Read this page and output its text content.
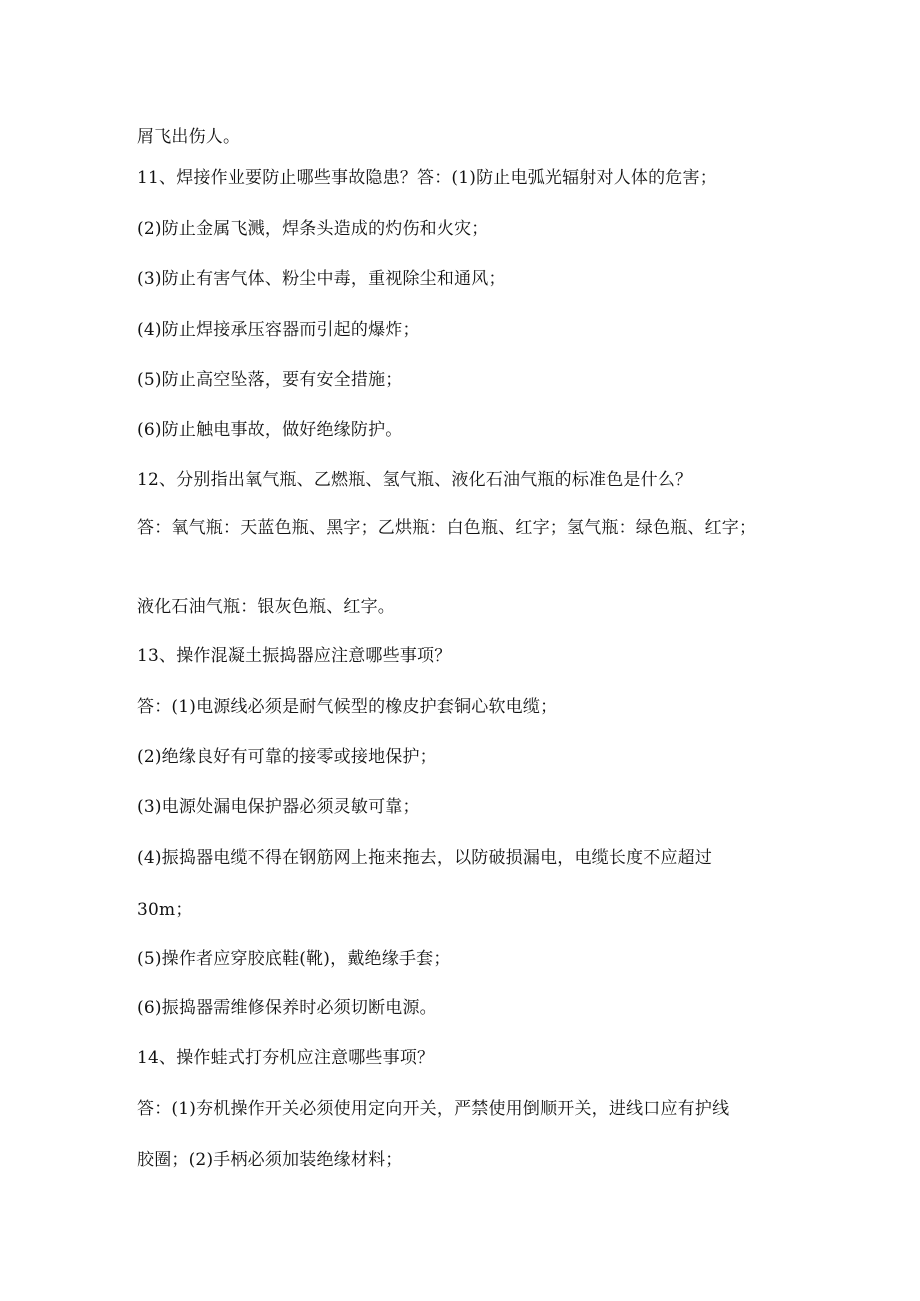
屑飞出伤人。
11、焊接作业要防止哪些事故隐患？答：(1)防止电弧光辐射对人体的危害；
(2)防止金属飞溅，焊条头造成的灼伤和火灾；
(3)防止有害气体、粉尘中毒，重视除尘和通风；
(4)防止焊接承压容器而引起的爆炸；
(5)防止高空坠落，要有安全措施；
(6)防止触电事故，做好绝缘防护。
12、分别指出氧气瓶、乙燃瓶、氢气瓶、液化石油气瓶的标准色是什么？
答：氧气瓶：天蓝色瓶、黑字；乙烘瓶：白色瓶、红字；氢气瓶：绿色瓶、红字；
液化石油气瓶：银灰色瓶、红字。
13、操作混凝土振捣器应注意哪些事项？
答：(1)电源线必须是耐气候型的橡皮护套铜心软电缆；
(2)绝缘良好有可靠的接零或接地保护；
(3)电源处漏电保护器必须灵敏可靠；
(4)振捣器电缆不得在钢筋网上拖来拖去，以防破损漏电，电缆长度不应超过
30m；
(5)操作者应穿胶底鞋(靴)，戴绝缘手套；
(6)振捣器需维修保养时必须切断电源。
14、操作蛙式打夯机应注意哪些事项？
答：(1)夯机操作开关必须使用定向开关，严禁使用倒顺开关，进线口应有护线
胶圈；(2)手柄必须加装绝缘材料；
